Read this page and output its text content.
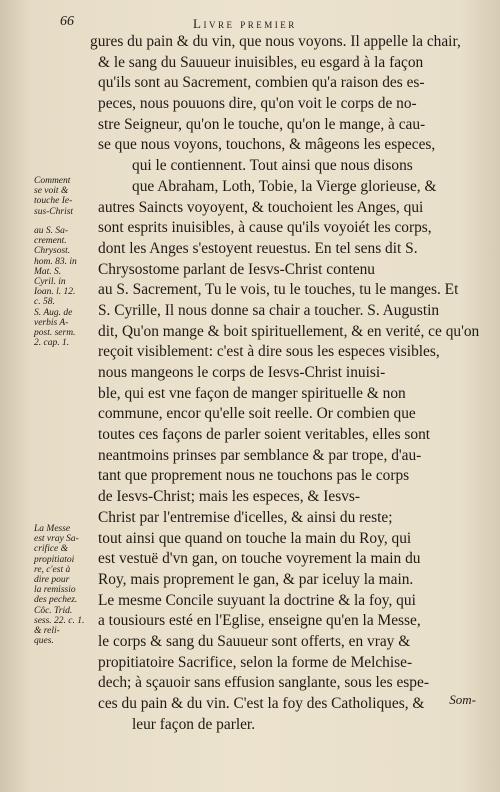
66	Livre premier
gures du pain & du vin, que nous voyons. Il appelle la chair,
& le sang du Sauueur inuisibles, eu esgard à la façon
qu'ils sont au Sacrement, combien qu'a raison des es-
peces, nous pouuons dire, qu'on voit le corps de no-
stre Seigneur, qu'on le touche, qu'on le mange, à cau-
se que nous voyons, touchons, & mâgeons les especes,
qui le contiennent. Tout ainsi que nous disons
que Abraham, Loth, Tobie, la Vierge glorieuse, &
autres Saincts voyoyent, & touchoient les Anges, qui
sont esprits inuisibles, à cause qu'ils voyoiét les corps,
dont les Anges s'estoyent reuestus. En tel sens dit S.
Chrysostome parlant de Iesvs-Christ contenu
au S. Sacrement, Tu le vois, tu le touches, tu le manges. Et
S. Cyrille, Il nous donne sa chair a toucher. S. Augustin
dit, Qu'on mange & boit spirituellement, & en verité, ce qu'on
reçoit visiblement: c'est à dire sous les especes visibles,
nous mangeons le corps de Iesvs-Christ inuisi-
ble, qui est vne façon de manger spirituelle & non
commune, encor qu'elle soit reelle. Or combien que
toutes ces façons de parler soient veritables, elles sont
neantmoins prinses par semblance & par trope, d'au-
tant que proprement nous ne touchons pas le corps
de Iesvs-Christ; mais les especes, & Iesvs-
Christ par l'entremise d'icelles, & ainsi du reste;
tout ainsi que quand on touche la main du Roy, qui
est vestuë d'vn gan, on touche voyrement la main du
Roy, mais proprement le gan, & par iceluy la main.
Le mesme Concile suyuant la doctrine & la foy, qui
a tousiours esté en l'Eglise, enseigne qu'en la Messe,
le corps & sang du Sauueur sont offerts, en vray &
propitiatoire Sacrifice, selon la forme de Melchise-
dech; à sçauoir sans effusion sanglante, sous les espe-
ces du pain & du vin. C'est la foy des Catholiques, &
leur façon de parler.
Comment
se voit &
touche Ie-
sus-Christ
au S. Sa-
crement.
Chrysost.
hom. 83. in
Mat. S.
Cyril. in
Ioan. l. 12.
c. 58.
S. Aug. de
verbis A-
post. serm.
2. cap. 1.
La Messe
est vray Sa-
crifice &
propitiatoi
re, c'est à
dire pour
la remissio
des pechez.
Côc. Trid.
sess. 22. c. 1.
& reli-
ques.
Som-
